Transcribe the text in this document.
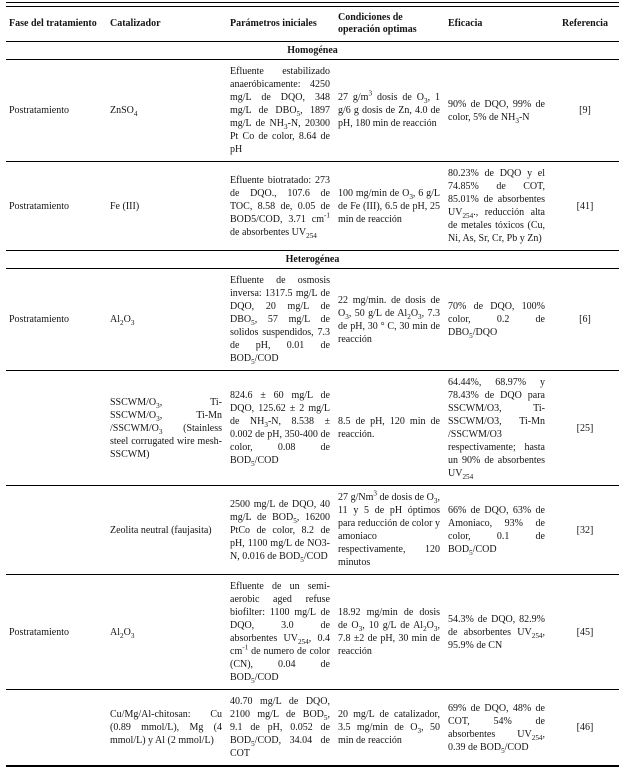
Fase del tratamiento	Catalizador	Parámetros iniciales	Condiciones de operación optimas	Eficacia	Referencia
Homogénea					
Postratamiento	ZnSO$_4$	Efluente estabilizado anaeróbicamente: 4250 mg/L de DQO, 348 mg/L de $DBO_5$, 1897 mg/L de $NH_3-N$, 20300 Pt Co de color, 8.64 de pH	27 $g/m^3$ dosis de $O_3$, 1 g/6 g dosis de Zn, 4.0 de pH, 180 min de reacción	90% de DQO, 99% de color, 5% de $NH_3-N$	[9]
Postratamiento	Fe (III)	Efluente biotratado: 273 de DQO., 107.6 de TOC, 8.58 de, 0.05 de BOD5/COD, 3.71 $cm^{-1}$ de absorbentes $UV_{254}$	100 mg/min de $O_3$, 6 g/L de Fe (III), 6.5 de pH, 25 min de reacción	80.23% de DQO y el 74.85% de COT, 85.01% de absorbentes $UV_{254}$., reducción alta de metales tóxicos (Cu, Ni, As, Sr, Cr, Pb y Zn)	[41]
Heterogénea					
Postratamiento	$Al_2O_3$	Efluente de osmosis inversa: 1317.5 mg/L de DQO, 20 mg/L de $DBO_5$, 57 mg/L de solidos suspendidos, 7.3 de pH, 0.01 de $BOD_5$/COD	22 mg/min. de dosis de $O_3$, 50 g/L de $Al_2O_3$, 7.3 de pH, 30 ° C, 30 min de reacción	70% de DQO, 100% color, 0.2 de $DBO_5$/DQO	[6]
	SSCWM/$O_3$, $Ti-SSCWM/O_3$, Ti-Mn $/SSCWM/O_3$ (Stainless steel corrugated wire mesh-SSCWM)	824.6 ± 60 mg/L de DQO, 125.62 ± 2 mg/L de $NH_3-N$, 8.538 ± 0.002 de pH, 350-400 de color, 0.08 de $BOD_5$/COD	8.5 de pH, 120 min de reacción.	64.44%, 68.97% y 78.43% de DQO para SSCWM/O3, Ti-SSCWM/O3, Ti-Mn /SSCWM/O3 respectivamente; hasta un 90% de absorbentes $UV_{254}$	[25]
	Zeolita neutral (faujasita)	2500 mg/L de DQO, 40 mg/L de $BOD_5$, 16200 PtCo de color, 8.2 de pH, 1100 mg/L de NO3-N, 0.016 de $BOD_5$/COD	27 g/Nm$^3$ de dosis de $O_3$, 11 y 5 de pH óptimos para reducción de color y amoniaco respectivamente, 120 minutos	66% de DQO, 63% de Amoniaco, 93% de color, 0.1 de $BOD_5$/COD	[32]
Postratamiento	$Al_2O_3$	Efluente de un semi-aerobic aged refuse biofilter: 1100 mg/L de DQO, 3.0 de absorbentes $UV_{254}$, 0.4 $cm^{-1}$ de numero de color (CN), 0.04 de $BOD_5$/COD	18.92 mg/min de dosis de $O_3$, 10 g/L de $Al_2O_3$, 7.8 ±2 de pH, 30 min de reacción	54.3% de DQO, 82.9% de absorbentes $UV_{254}$, 95.9% de CN	[45]
	Cu/Mg/Al-chitosan: Cu (0.89 mmol/L), Mg (4 mmol/L) y Al (2 mmol/L)	40.70 mg/L de DQO, 2100 mg/L de $BOD_5$, 9.1 de pH, 0.052 de $BOD_5$/COD, 34.04 de COT	20 mg/L de catalizador, 3.5 mg/min de $O_3$, 50 min de reacción	69% de DQO, 48% de COT, 54% de absorbentes $UV_{254}$, 0.39 de $BOD_5$/COD	[46]
